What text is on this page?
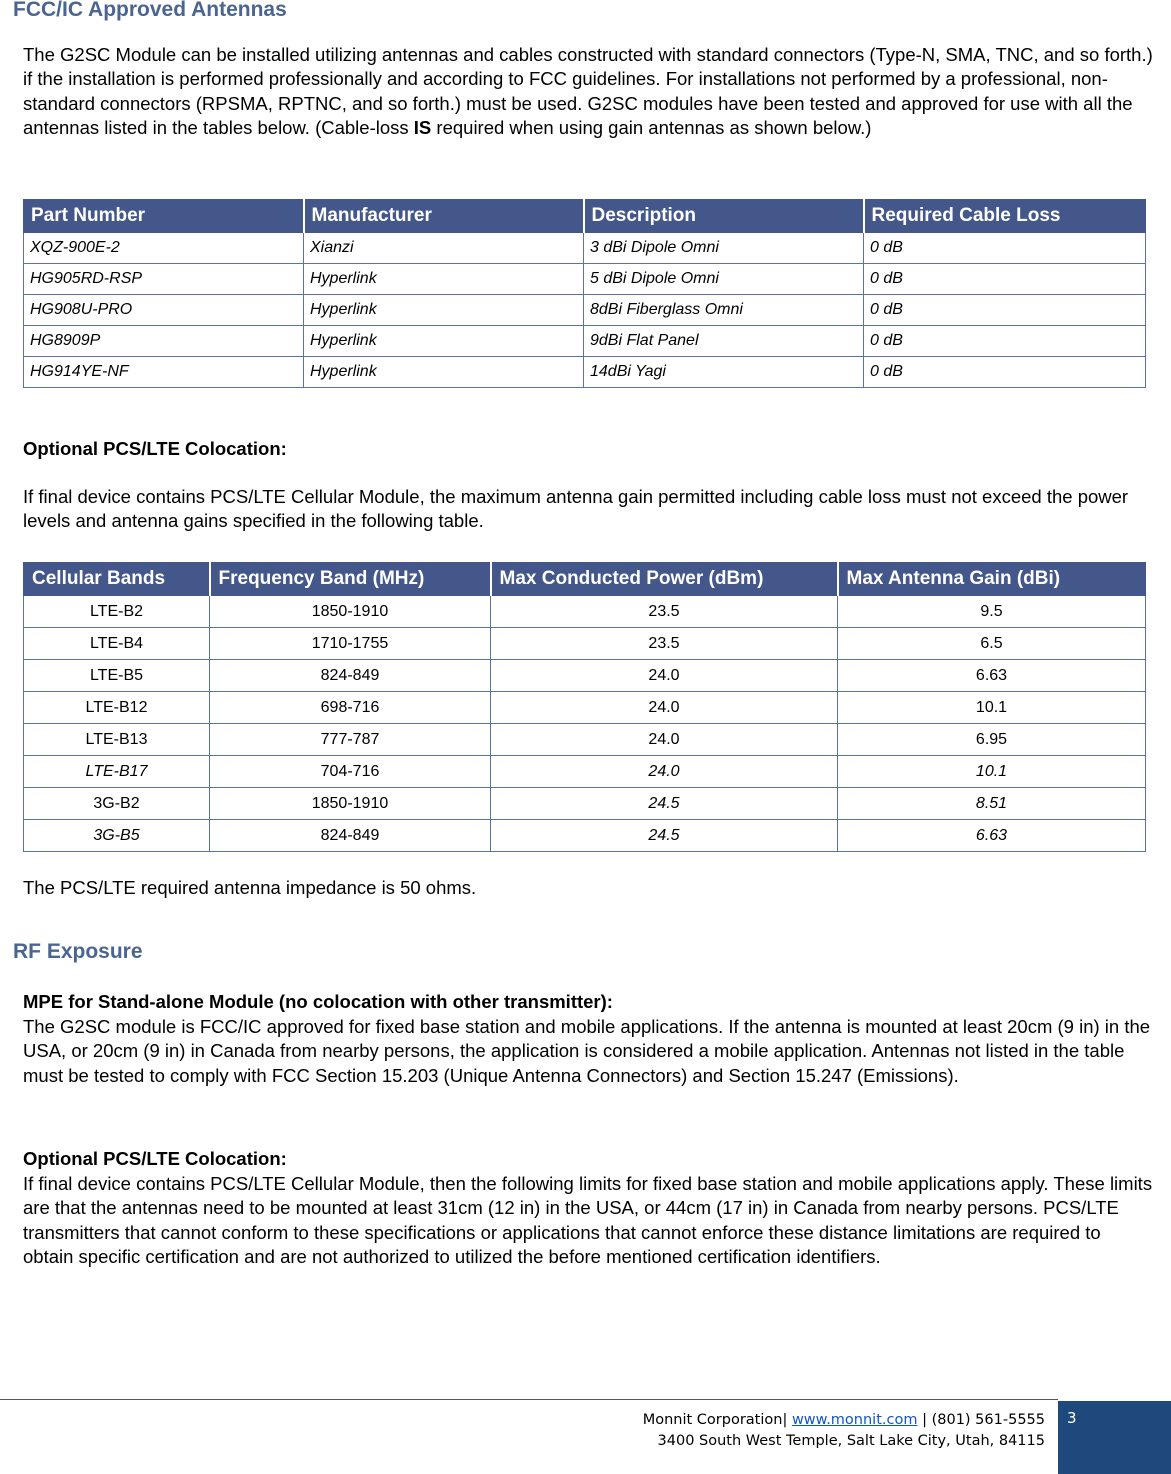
FCC/IC Approved Antennas
The G2SC Module can be installed utilizing antennas and cables constructed with standard connectors (Type-N, SMA, TNC, and so forth.) if the installation is performed professionally and according to FCC guidelines. For installations not performed by a professional, non-standard connectors (RPSMA, RPTNC, and so forth.) must be used. G2SC modules have been tested and approved for use with all the antennas listed in the tables below. (Cable-loss IS required when using gain antennas as shown below.)
Part Number	Manufacturer	Description	Required Cable Loss
XQZ-900E-2	Xianzi	3 dBi Dipole Omni	0 dB
HG905RD-RSP	Hyperlink	5 dBi Dipole Omni	0 dB
HG908U-PRO	Hyperlink	8dBi Fiberglass Omni	0 dB
HG8909P	Hyperlink	9dBi Flat Panel	0 dB
HG914YE-NF	Hyperlink	14dBi Yagi	0 dB
Optional PCS/LTE Colocation:
If final device contains PCS/LTE Cellular Module, the maximum antenna gain permitted including cable loss must not exceed the power levels and antenna gains specified in the following table.
Cellular Bands	Frequency Band (MHz)	Max Conducted Power (dBm)	Max Antenna Gain (dBi)
LTE-B2	1850-1910	23.5	9.5
LTE-B4	1710-1755	23.5	6.5
LTE-B5	824-849	24.0	6.63
LTE-B12	698-716	24.0	10.1
LTE-B13	777-787	24.0	6.95
LTE-B17	704-716	24.0	10.1
3G-B2	1850-1910	24.5	8.51
3G-B5	824-849	24.5	6.63
The PCS/LTE required antenna impedance is 50 ohms.
RF Exposure
MPE for Stand-alone Module (no colocation with other transmitter):
The G2SC module is FCC/IC approved for fixed base station and mobile applications. If the antenna is mounted at least 20cm (9 in) in the USA, or 20cm (9 in) in Canada from nearby persons, the application is considered a mobile application. Antennas not listed in the table must be tested to comply with FCC Section 15.203 (Unique Antenna Connectors) and Section 15.247 (Emissions).
Optional PCS/LTE Colocation:
If final device contains PCS/LTE Cellular Module, then the following limits for fixed base station and mobile applications apply. These limits are that the antennas need to be mounted at least 31cm (12 in) in the USA, or 44cm (17 in) in Canada from nearby persons. PCS/LTE transmitters that cannot conform to these specifications or applications that cannot enforce these distance limitations are required to obtain specific certification and are not authorized to utilized the before mentioned certification identifiers.
Monnit Corporation| www.monnit.com | (801) 561-5555
3400 South West Temple, Salt Lake City, Utah, 84115
3
